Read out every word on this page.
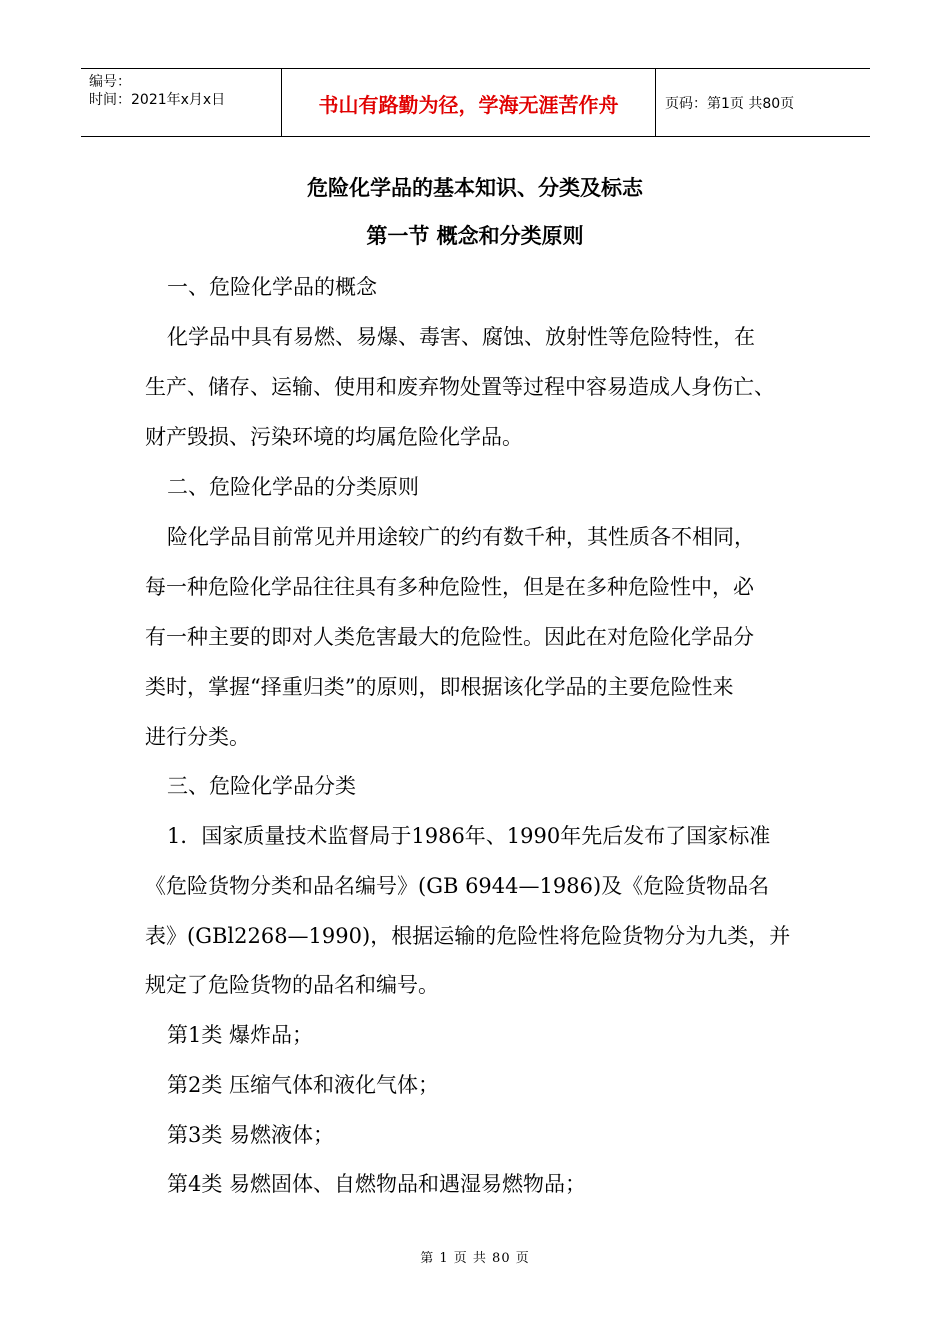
编号：
时间：2021年x月x日	书山有路勤为径，学海无涯苦作舟	页码：第1页 共80页
危险化学品的基本知识、分类及标志
第一节 概念和分类原则
一、危险化学品的概念
化学品中具有易燃、易爆、毒害、腐蚀、放射性等危险特性，在
生产、储存、运输、使用和废弃物处置等过程中容易造成人身伤亡、
财产毁损、污染环境的均属危险化学品。
二、危险化学品的分类原则
险化学品目前常见并用途较广的约有数千种，其性质各不相同，
每一种危险化学品往往具有多种危险性，但是在多种危险性中，必
有一种主要的即对人类危害最大的危险性。因此在对危险化学品分
类时，掌握“择重归类”的原则，即根据该化学品的主要危险性来
进行分类。
三、危险化学品分类
1．国家质量技术监督局于1986年、1990年先后发布了国家标准
《危险货物分类和品名编号》(GB 6944—1986)及《危险货物品名
表》(GBl2268—1990)，根据运输的危险性将危险货物分为九类，并
规定了危险货物的品名和编号。
第1类 爆炸品；
第2类 压缩气体和液化气体；
第3类 易燃液体；
第4类 易燃固体、自燃物品和遇湿易燃物品；
第 1 页 共 80 页
